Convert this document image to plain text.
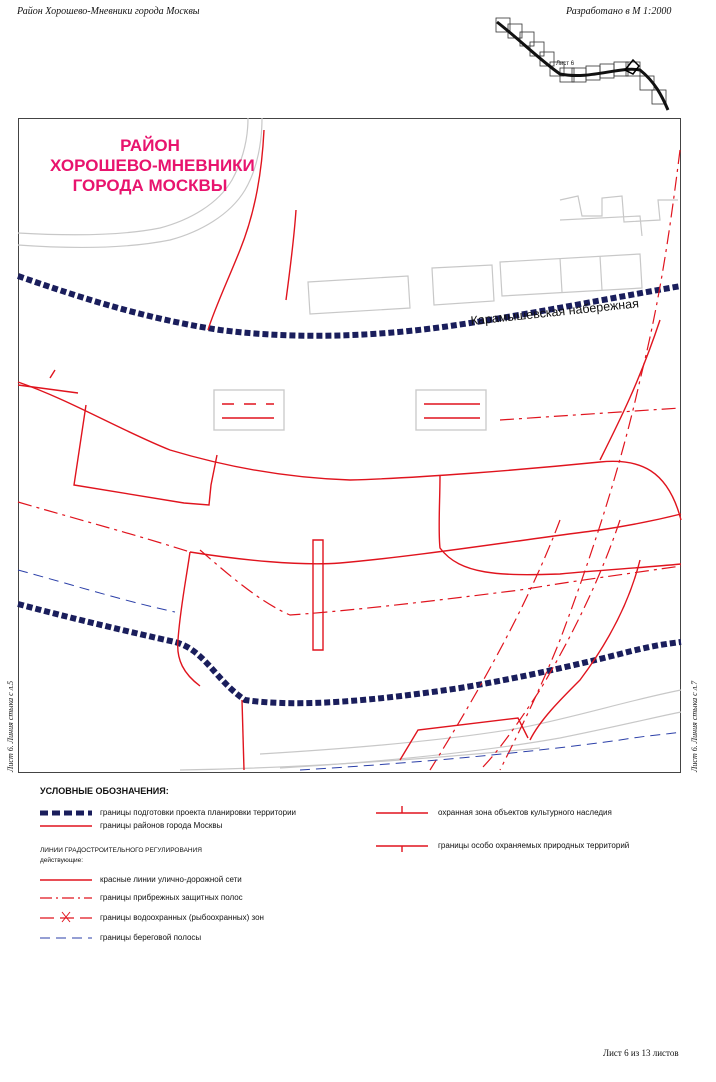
Район Хорошево-Мневники города Москвы	Разработано в М 1:2000
Лист 6
РАЙОН
ХОРОШЕВО-МНЕВНИКИ
ГОРОДА МОСКВЫ
Карамышевская набережная
Лист 6. Линия стыка с л.5	Лист 6. Линия стыка с л.7
УСЛОВНЫЕ ОБОЗНАЧЕНИЯ:
границы подготовки проекта планировки территории
границы районов города Москвы
ЛИНИИ ГРАДОСТРОИТЕЛЬНОГО РЕГУЛИРОВАНИЯ
действующие:
красные линии улично-дорожной сети
границы прибрежных защитных полос
границы водоохранных (рыбоохранных) зон
границы береговой полосы
охранная зона объектов культурного наследия
границы особо охраняемых природных территорий
Лист 6 из 13 листов
